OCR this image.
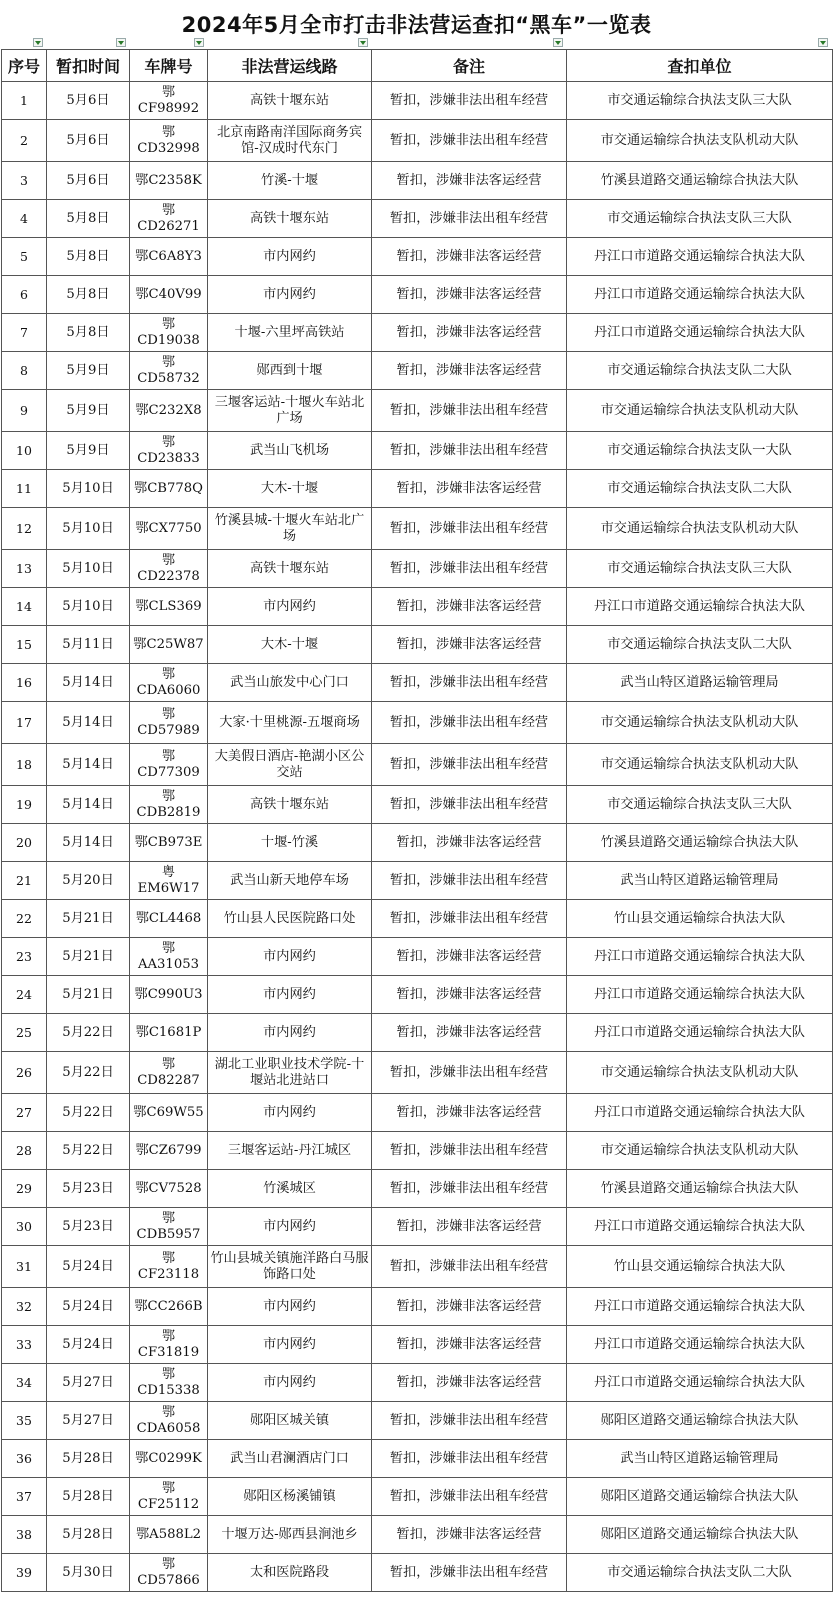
2024年5月全市打击非法营运查扣“黑车”一览表
序号	暂扣时间	车牌号	非法营运线路	备注	查扣单位
1	5月6日	鄂CF98992	高铁十堰东站	暂扣，涉嫌非法出租车经营	市交通运输综合执法支队三大队
2	5月6日	鄂CD32998	北京南路南洋国际商务宾馆-汉成时代东门	暂扣，涉嫌非法出租车经营	市交通运输综合执法支队机动大队
3	5月6日	鄂C2358K	竹溪-十堰	暂扣，涉嫌非法客运经营	竹溪县道路交通运输综合执法大队
4	5月8日	鄂CD26271	高铁十堰东站	暂扣，涉嫌非法出租车经营	市交通运输综合执法支队三大队
5	5月8日	鄂C6A8Y3	市内网约	暂扣，涉嫌非法客运经营	丹江口市道路交通运输综合执法大队
6	5月8日	鄂C40V99	市内网约	暂扣，涉嫌非法客运经营	丹江口市道路交通运输综合执法大队
7	5月8日	鄂CD19038	十堰-六里坪高铁站	暂扣，涉嫌非法客运经营	丹江口市道路交通运输综合执法大队
8	5月9日	鄂CD58732	郧西到十堰	暂扣，涉嫌非法客运经营	市交通运输综合执法支队二大队
9	5月9日	鄂C232X8	三堰客运站-十堰火车站北广场	暂扣，涉嫌非法出租车经营	市交通运输综合执法支队机动大队
10	5月9日	鄂CD23833	武当山飞机场	暂扣，涉嫌非法出租车经营	市交通运输综合执法支队一大队
11	5月10日	鄂CB778Q	大木-十堰	暂扣，涉嫌非法客运经营	市交通运输综合执法支队二大队
12	5月10日	鄂CX7750	竹溪县城-十堰火车站北广场	暂扣，涉嫌非法出租车经营	市交通运输综合执法支队机动大队
13	5月10日	鄂CD22378	高铁十堰东站	暂扣，涉嫌非法出租车经营	市交通运输综合执法支队三大队
14	5月10日	鄂CLS369	市内网约	暂扣，涉嫌非法客运经营	丹江口市道路交通运输综合执法大队
15	5月11日	鄂C25W87	大木-十堰	暂扣，涉嫌非法客运经营	市交通运输综合执法支队二大队
16	5月14日	鄂CDA6060	武当山旅发中心门口	暂扣，涉嫌非法出租车经营	武当山特区道路运输管理局
17	5月14日	鄂CD57989	大家·十里桃源-五堰商场	暂扣，涉嫌非法出租车经营	市交通运输综合执法支队机动大队
18	5月14日	鄂CD77309	大美假日酒店-艳湖小区公交站	暂扣，涉嫌非法出租车经营	市交通运输综合执法支队机动大队
19	5月14日	鄂CDB2819	高铁十堰东站	暂扣，涉嫌非法出租车经营	市交通运输综合执法支队三大队
20	5月14日	鄂CB973E	十堰-竹溪	暂扣，涉嫌非法客运经营	竹溪县道路交通运输综合执法大队
21	5月20日	粤EM6W17	武当山新天地停车场	暂扣，涉嫌非法出租车经营	武当山特区道路运输管理局
22	5月21日	鄂CL4468	竹山县人民医院路口处	暂扣，涉嫌非法出租车经营	竹山县交通运输综合执法大队
23	5月21日	鄂AA31053	市内网约	暂扣，涉嫌非法客运经营	丹江口市道路交通运输综合执法大队
24	5月21日	鄂C990U3	市内网约	暂扣，涉嫌非法客运经营	丹江口市道路交通运输综合执法大队
25	5月22日	鄂C1681P	市内网约	暂扣，涉嫌非法客运经营	丹江口市道路交通运输综合执法大队
26	5月22日	鄂CD82287	湖北工业职业技术学院-十堰站北进站口	暂扣，涉嫌非法出租车经营	市交通运输综合执法支队机动大队
27	5月22日	鄂C69W55	市内网约	暂扣，涉嫌非法客运经营	丹江口市道路交通运输综合执法大队
28	5月22日	鄂CZ6799	三堰客运站-丹江城区	暂扣，涉嫌非法出租车经营	市交通运输综合执法支队机动大队
29	5月23日	鄂CV7528	竹溪城区	暂扣，涉嫌非法出租车经营	竹溪县道路交通运输综合执法大队
30	5月23日	鄂CDB5957	市内网约	暂扣，涉嫌非法客运经营	丹江口市道路交通运输综合执法大队
31	5月24日	鄂CF23118	竹山县城关镇施洋路白马服饰路口处	暂扣，涉嫌非法出租车经营	竹山县交通运输综合执法大队
32	5月24日	鄂CC266B	市内网约	暂扣，涉嫌非法客运经营	丹江口市道路交通运输综合执法大队
33	5月24日	鄂CF31819	市内网约	暂扣，涉嫌非法客运经营	丹江口市道路交通运输综合执法大队
34	5月27日	鄂CD15338	市内网约	暂扣，涉嫌非法客运经营	丹江口市道路交通运输综合执法大队
35	5月27日	鄂CDA6058	郧阳区城关镇	暂扣，涉嫌非法出租车经营	郧阳区道路交通运输综合执法大队
36	5月28日	鄂C0299K	武当山君澜酒店门口	暂扣，涉嫌非法出租车经营	武当山特区道路运输管理局
37	5月28日	鄂CF25112	郧阳区杨溪铺镇	暂扣，涉嫌非法出租车经营	郧阳区道路交通运输综合执法大队
38	5月28日	鄂A588L2	十堰万达-郧西县涧池乡	暂扣，涉嫌非法客运经营	郧阳区道路交通运输综合执法大队
39	5月30日	鄂CD57866	太和医院路段	暂扣，涉嫌非法出租车经营	市交通运输综合执法支队二大队
